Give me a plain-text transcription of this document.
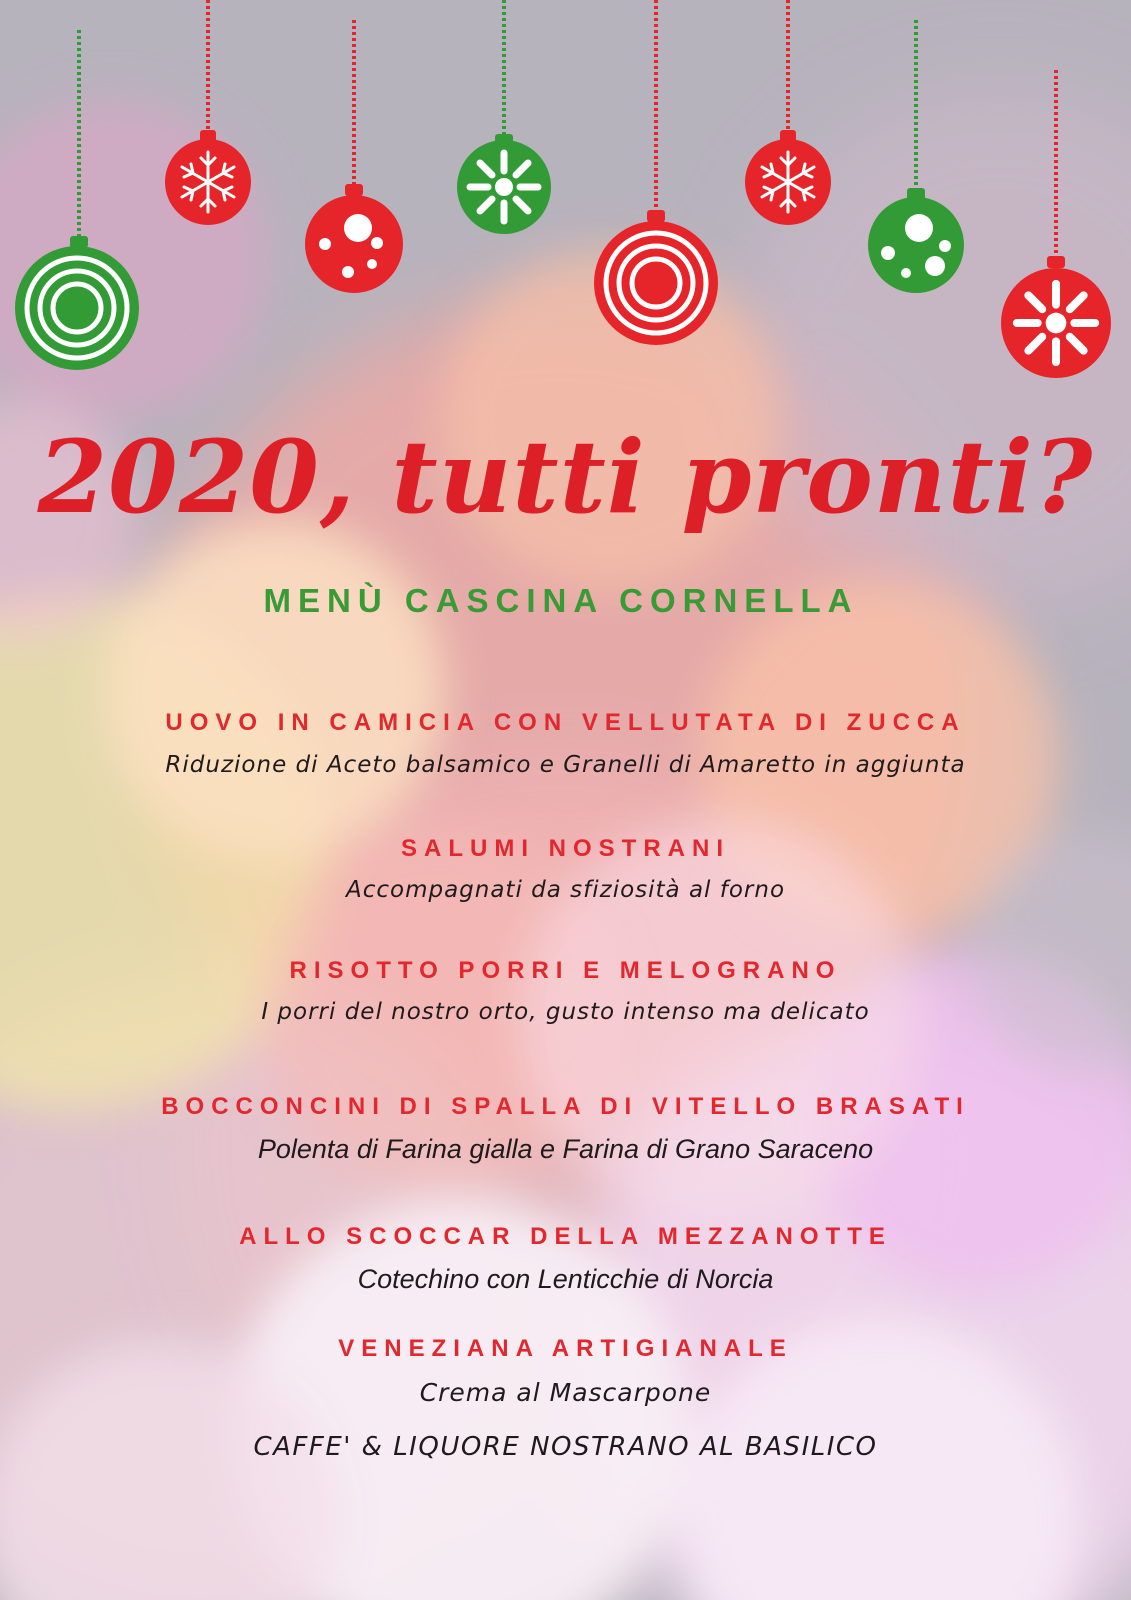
2020, tutti pronti?
MENÙ CASCINA CORNELLA
UOVO IN CAMICIA CON VELLUTATA DI ZUCCA
Riduzione di Aceto balsamico e Granelli di Amaretto in aggiunta
SALUMI NOSTRANI
Accompagnati da sfiziosità al forno
RISOTTO PORRI E MELOGRANO
I porri del nostro orto, gusto intenso ma delicato
BOCCONCINI DI SPALLA DI VITELLO BRASATI
Polenta di Farina gialla e Farina di Grano Saraceno
ALLO SCOCCAR DELLA MEZZANOTTE
Cotechino con Lenticchie di Norcia
VENEZIANA ARTIGIANALE
Crema al Mascarpone
CAFFE' & LIQUORE NOSTRANO AL BASILICO
